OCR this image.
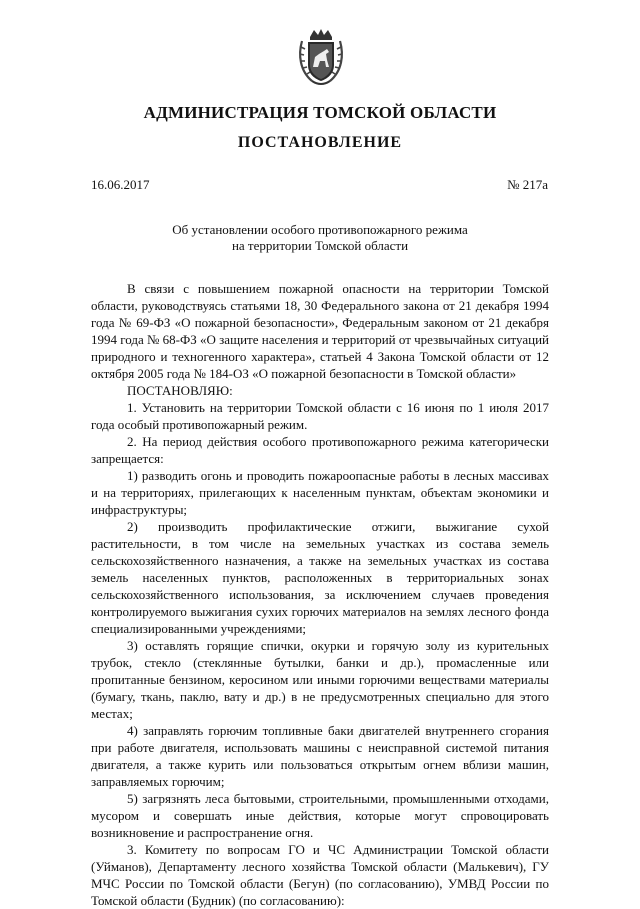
АДМИНИСТРАЦИЯ ТОМСКОЙ ОБЛАСТИ
ПОСТАНОВЛЕНИЕ
16.06.2017	№ 217а
Об установлении особого противопожарного режима
на территории Томской области

В связи с повышением пожарной опасности на территории Томской области, руководствуясь статьями 18, 30 Федерального закона от 21 декабря 1994 года № 69-ФЗ «О пожарной безопасности», Федеральным законом от 21 декабря 1994 года № 68-ФЗ «О защите населения и территорий от чрезвычайных ситуаций природного и техногенного характера», статьей 4 Закона Томской области от 12 октября 2005 года № 184-ОЗ «О пожарной безопасности в Томской области»

ПОСТАНОВЛЯЮ:

1. Установить на территории Томской области с 16 июня по 1 июля 2017 года особый противопожарный режим.

2. На период действия особого противопожарного режима категорически запрещается:

1) разводить огонь и проводить пожароопасные работы в лесных массивах и на территориях, прилегающих к населенным пунктам, объектам экономики и инфраструктуры;

2) производить профилактические отжиги, выжигание сухой растительности, в том числе на земельных участках из состава земель сельскохозяйственного назначения, а также на земельных участках из состава земель населенных пунктов, расположенных в территориальных зонах сельскохозяйственного использования, за исключением случаев проведения контролируемого выжигания сухих горючих материалов на землях лесного фонда специализированными учреждениями;

3) оставлять горящие спички, окурки и горячую золу из курительных трубок, стекло (стеклянные бутылки, банки и др.), промасленные или пропитанные бензином, керосином или иными горючими веществами материалы (бумагу, ткань, паклю, вату и др.) в не предусмотренных специально для этого местах;

4) заправлять горючим топливные баки двигателей внутреннего сгорания при работе двигателя, использовать машины с неисправной системой питания двигателя, а также курить или пользоваться открытым огнем вблизи машин, заправляемых горючим;

5) загрязнять леса бытовыми, строительными, промышленными отходами, мусором и совершать иные действия, которые могут спровоцировать возникновение и распространение огня.

3. Комитету по вопросам ГО и ЧС Администрации Томской области (Уйманов), Департаменту лесного хозяйства Томской области (Малькевич), ГУ МЧС России по Томской области (Бегун) (по согласованию), УМВД России по Томской области (Будник) (по согласованию):
